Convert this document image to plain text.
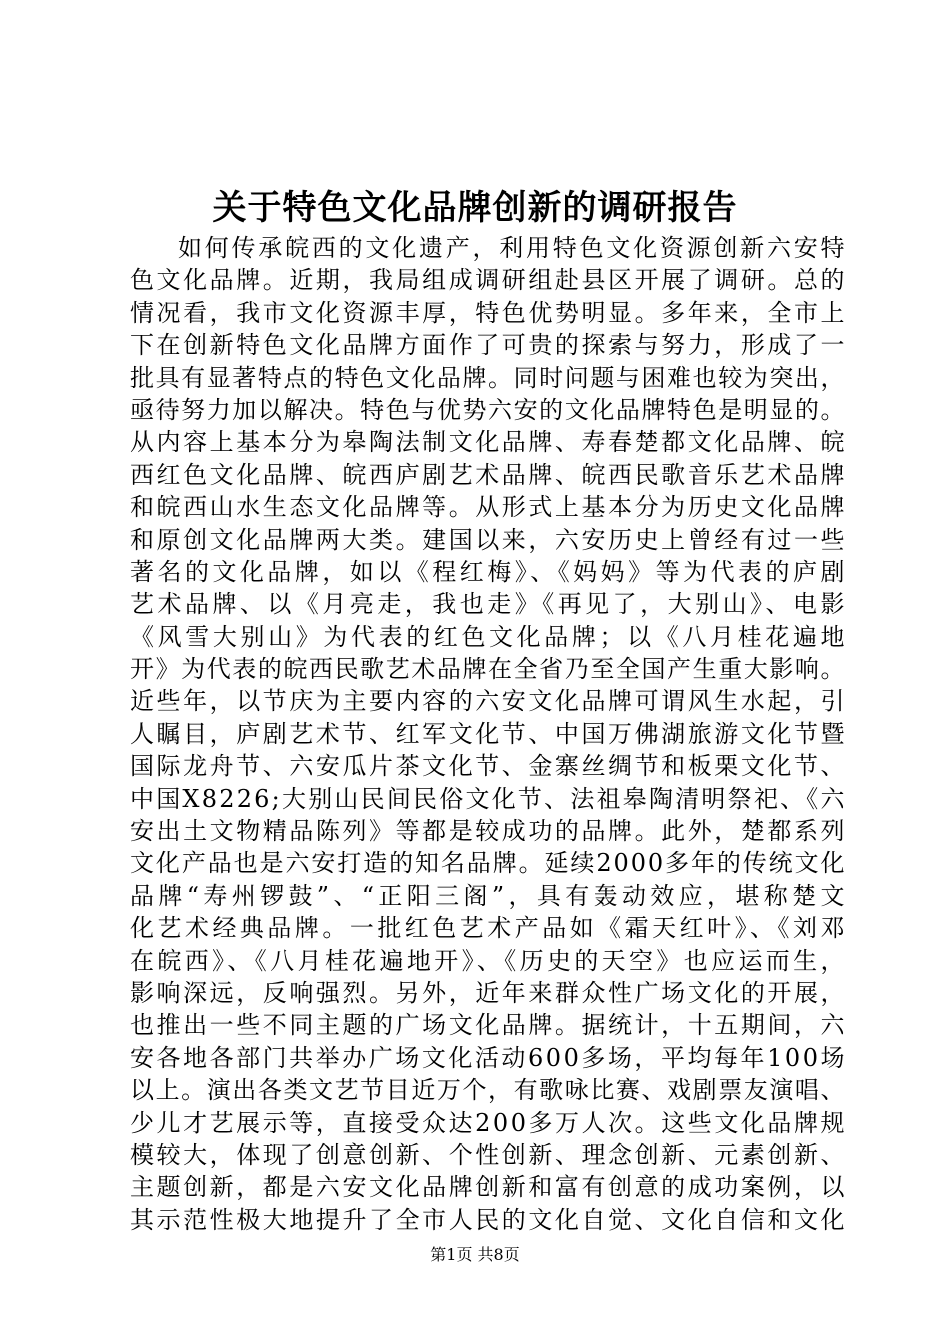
关于特色文化品牌创新的调研报告
如何传承皖西的文化遗产，利用特色文化资源创新六安特
色文化品牌。近期，我局组成调研组赴县区开展了调研。总的
情况看，我市文化资源丰厚，特色优势明显。多年来，全市上
下在创新特色文化品牌方面作了可贵的探索与努力，形成了一
批具有显著特点的特色文化品牌。同时问题与困难也较为突出，
亟待努力加以解决。特色与优势六安的文化品牌特色是明显的。
从内容上基本分为皋陶法制文化品牌、寿春楚都文化品牌、皖
西红色文化品牌、皖西庐剧艺术品牌、皖西民歌音乐艺术品牌
和皖西山水生态文化品牌等。从形式上基本分为历史文化品牌
和原创文化品牌两大类。建国以来，六安历史上曾经有过一些
著名的文化品牌，如以《程红梅》、《妈妈》等为代表的庐剧
艺术品牌、以《月亮走，我也走》《再见了，大别山》、电影
《风雪大别山》为代表的红色文化品牌；以《八月桂花遍地
开》为代表的皖西民歌艺术品牌在全省乃至全国产生重大影响。
近些年，以节庆为主要内容的六安文化品牌可谓风生水起，引
人瞩目，庐剧艺术节、红军文化节、中国万佛湖旅游文化节暨
国际龙舟节、六安瓜片茶文化节、金寨丝绸节和板栗文化节、
中国X8226;大别山民间民俗文化节、法祖皋陶清明祭祀、《六
安出土文物精品陈列》等都是较成功的品牌。此外，楚都系列
文化产品也是六安打造的知名品牌。延续2000多年的传统文化
品牌“寿州锣鼓”、“正阳三阁”，具有轰动效应，堪称楚文
化艺术经典品牌。一批红色艺术产品如《霜天红叶》、《刘邓
在皖西》、《八月桂花遍地开》、《历史的天空》也应运而生，
影响深远，反响强烈。另外，近年来群众性广场文化的开展，
也推出一些不同主题的广场文化品牌。据统计，十五期间，六
安各地各部门共举办广场文化活动600多场，平均每年100场
以上。演出各类文艺节目近万个，有歌咏比赛、戏剧票友演唱、
少儿才艺展示等，直接受众达200多万人次。这些文化品牌规
模较大，体现了创意创新、个性创新、理念创新、元素创新、
主题创新，都是六安文化品牌创新和富有创意的成功案例，以
其示范性极大地提升了全市人民的文化自觉、文化自信和文化
第1页 共8页
